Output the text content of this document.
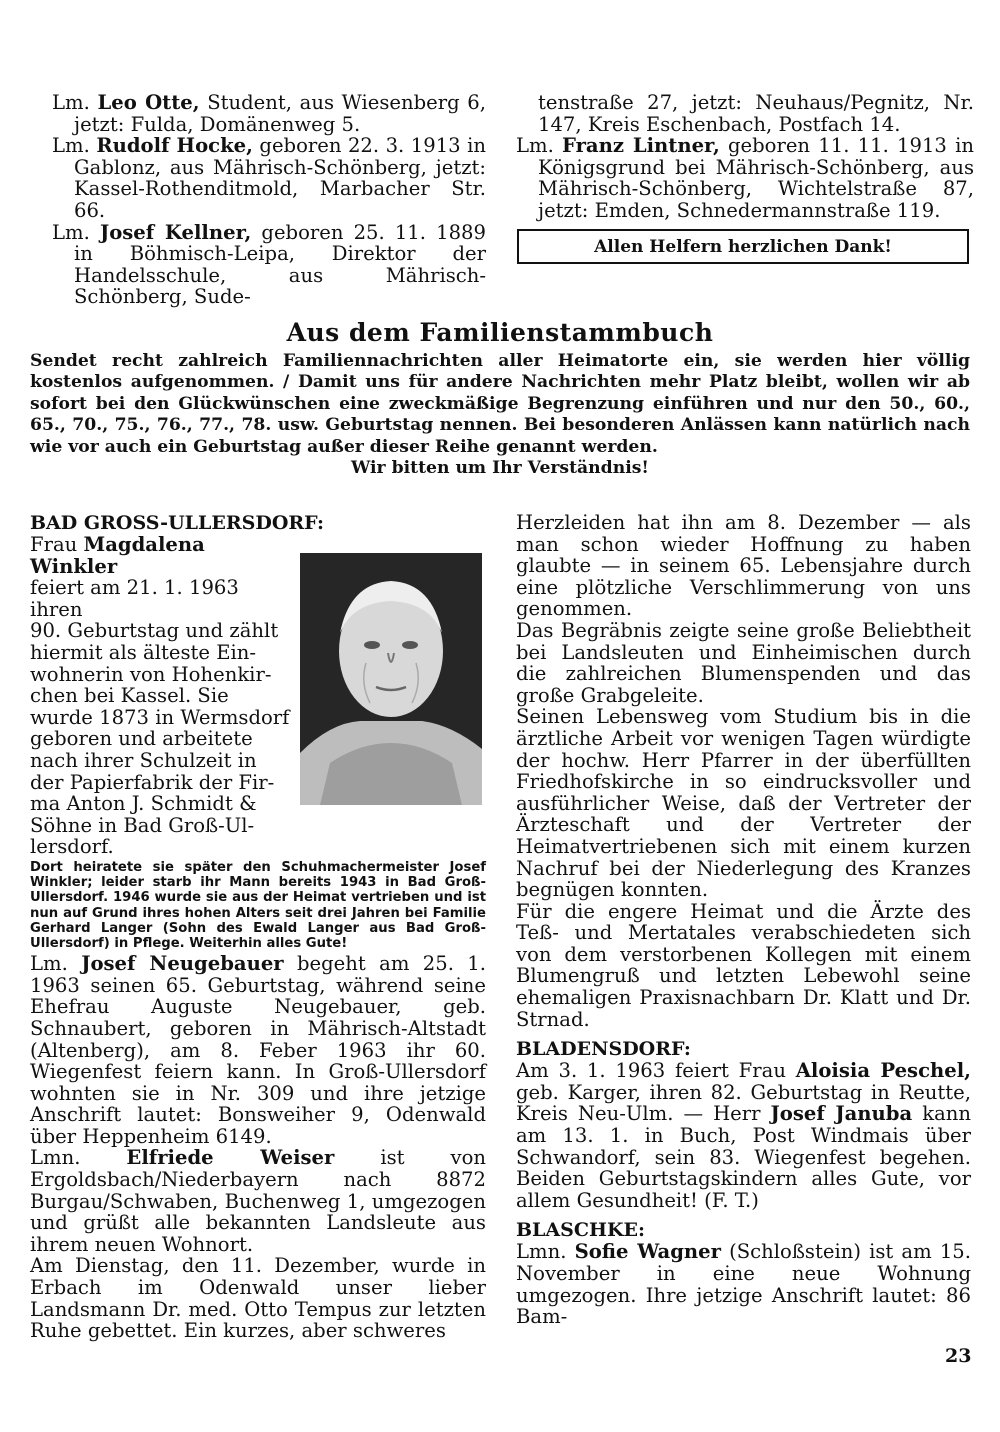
Lm. Leo Otte, Student, aus Wiesenberg 6, jetzt: Fulda, Domänenweg 5.

Lm. Rudolf Hocke, geboren 22. 3. 1913 in Gablonz, aus Mährisch-Schönberg, jetzt: Kassel-Rothenditmold, Marbacher Str. 66.

Lm. Josef Kellner, geboren 25. 11. 1889 in Böhmisch-Leipa, Direktor der Handelsschule, aus Mährisch-Schönberg, Sude-

tenstraße 27, jetzt: Neuhaus/Pegnitz, Nr. 147, Kreis Eschenbach, Postfach 14.

Lm. Franz Lintner, geboren 11. 11. 1913 in Königsgrund bei Mährisch-Schönberg, aus Mährisch-Schönberg, Wichtelstraße 87, jetzt: Emden, Schnedermannstraße 119.

Allen Helfern herzlichen Dank!

Aus dem Familienstammbuch

Sendet recht zahlreich Familiennachrichten aller Heimatorte ein, sie werden hier völlig kostenlos aufgenommen. / Damit uns für andere Nachrichten mehr Platz bleibt, wollen wir ab sofort bei den Glückwünschen eine zweckmäßige Begrenzung einführen und nur den 50., 60., 65., 70., 75., 76., 77., 78. usw. Geburtstag nennen. Bei besonderen Anlässen kann natürlich nach wie vor auch ein Geburtstag außer dieser Reihe genannt werden.
Wir bitten um Ihr Verständnis!

BAD GROSS-ULLERSDORF:

Frau Magdalena Winkler

feiert am 21. 1. 1963 ihren

90. Geburtstag und zählt

hiermit als älteste Ein-

wohnerin von Hohenkir-

chen bei Kassel. Sie

wurde 1873 in Wermsdorf

geboren und arbeitete

nach ihrer Schulzeit in

der Papierfabrik der Fir-

ma Anton J. Schmidt &

Söhne in Bad Groß-Ul-

lersdorf.

Dort heiratete sie später den Schuhmachermeister Josef Winkler; leider starb ihr Mann bereits 1943 in Bad Groß-Ullersdorf. 1946 wurde sie aus der Heimat vertrieben und ist nun auf Grund ihres hohen Alters seit drei Jahren bei Familie Gerhard Langer (Sohn des Ewald Langer aus Bad Groß-Ullersdorf) in Pflege. Weiterhin alles Gute!

Lm. Josef Neugebauer begeht am 25. 1. 1963 seinen 65. Geburtstag, während seine Ehefrau Auguste Neugebauer, geb. Schnaubert, geboren in Mährisch-Altstadt (Altenberg), am 8. Feber 1963 ihr 60. Wiegenfest feiern kann. In Groß-Ullersdorf wohnten sie in Nr. 309 und ihre jetzige Anschrift lautet: Bonsweiher 9, Odenwald über Heppenheim 6149.

Lmn. Elfriede Weiser ist von Ergoldsbach/Niederbayern nach 8872 Burgau/Schwaben, Buchenweg 1, umgezogen und grüßt alle bekannten Landsleute aus ihrem neuen Wohnort.

Am Dienstag, den 11. Dezember, wurde in Erbach im Odenwald unser lieber Landsmann Dr. med. Otto Tempus zur letzten Ruhe gebettet. Ein kurzes, aber schweres

Herzleiden hat ihn am 8. Dezember — als man schon wieder Hoffnung zu haben glaubte — in seinem 65. Lebensjahre durch eine plötzliche Verschlimmerung von uns genommen.

Das Begräbnis zeigte seine große Beliebtheit bei Landsleuten und Einheimischen durch die zahlreichen Blumenspenden und das große Grabgeleite.

Seinen Lebensweg vom Studium bis in die ärztliche Arbeit vor wenigen Tagen würdigte der hochw. Herr Pfarrer in der überfüllten Friedhofskirche in so eindrucksvoller und ausführlicher Weise, daß der Vertreter der Ärzteschaft und der Vertreter der Heimatvertriebenen sich mit einem kurzen Nachruf bei der Niederlegung des Kranzes begnügen konnten.

Für die engere Heimat und die Ärzte des Teß- und Mertatales verabschiedeten sich von dem verstorbenen Kollegen mit einem Blumengruß und letzten Lebewohl seine ehemaligen Praxisnachbarn Dr. Klatt und Dr. Strnad.

BLADENSDORF:

Am 3. 1. 1963 feiert Frau Aloisia Peschel, geb. Karger, ihren 82. Geburtstag in Reutte, Kreis Neu-Ulm. — Herr Josef Januba kann am 13. 1. in Buch, Post Windmais über Schwandorf, sein 83. Wiegenfest begehen. Beiden Geburtstagskindern alles Gute, vor allem Gesundheit! (F. T.)

BLASCHKE:

Lmn. Sofie Wagner (Schloßstein) ist am 15. November in eine neue Wohnung umgezogen. Ihre jetzige Anschrift lautet: 86 Bam-

23
